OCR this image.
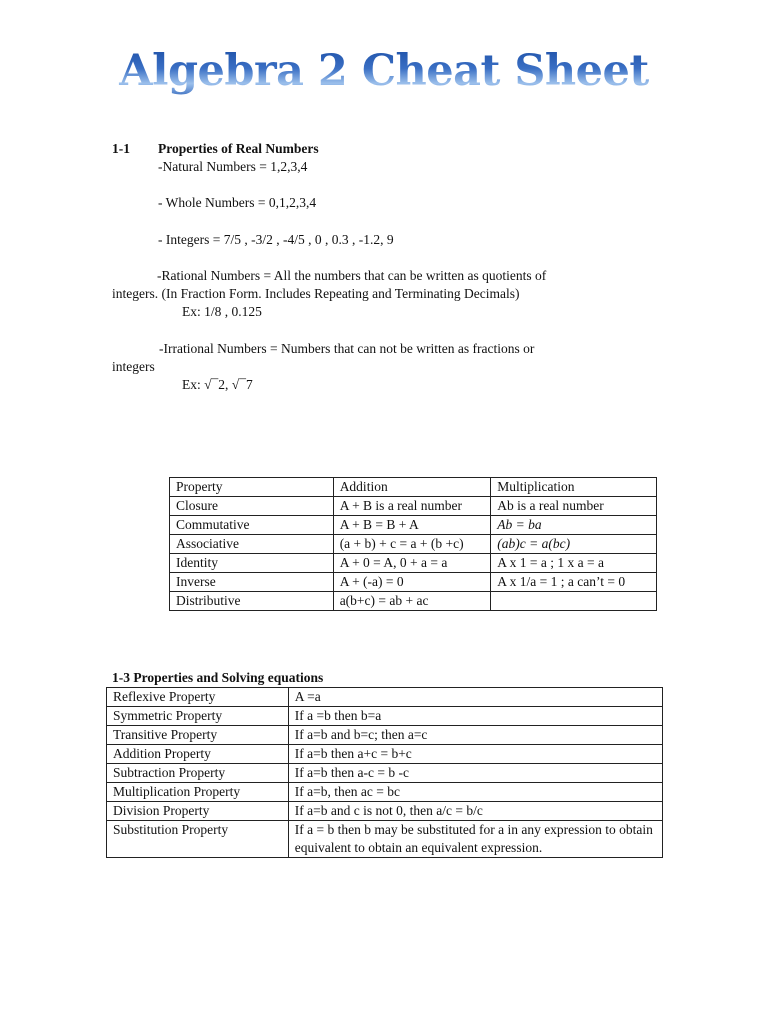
Algebra 2 Cheat Sheet
1-1 Properties of Real Numbers
-Natural Numbers = 1,2,3,4
- Whole Numbers = 0,1,2,3,4
- Integers = 7/5 , -3/2 , -4/5 , 0 , 0.3 , -1.2, 9
-Rational Numbers = All the numbers that can be written as quotients of
integers. (In Fraction Form. Includes Repeating and Terminating Decimals)
Ex: 1/8 , 0.125
-Irrational Numbers = Numbers that can not be written as fractions or
integers
Ex: √¯2, √¯7
Property	Addition	Multiplication
Closure	A + B is a real number	Ab is a real number
Commutative	A + B = B + A	Ab = ba
Associative	(a + b) + c = a + (b +c)	(ab)c = a(bc)
Identity	A + 0 = A, 0 + a = a	A x 1 = a ; 1 x a = a
Inverse	A + (-a) = 0	A x 1/a = 1 ; a can’t = 0
Distributive	a(b+c) = ab + ac	
1-3 Properties and Solving equations
Reflexive Property	A =a
Symmetric Property	If a =b then b=a
Transitive Property	If a=b and b=c; then a=c
Addition Property	If a=b then a+c = b+c
Subtraction Property	If a=b then a-c = b -c
Multiplication Property	If a=b, then ac = bc
Division Property	If a=b and c is not 0, then a/c = b/c
Substitution Property	If a = b then b may be substituted for a in any expression to obtain equivalent to obtain an equivalent expression.
